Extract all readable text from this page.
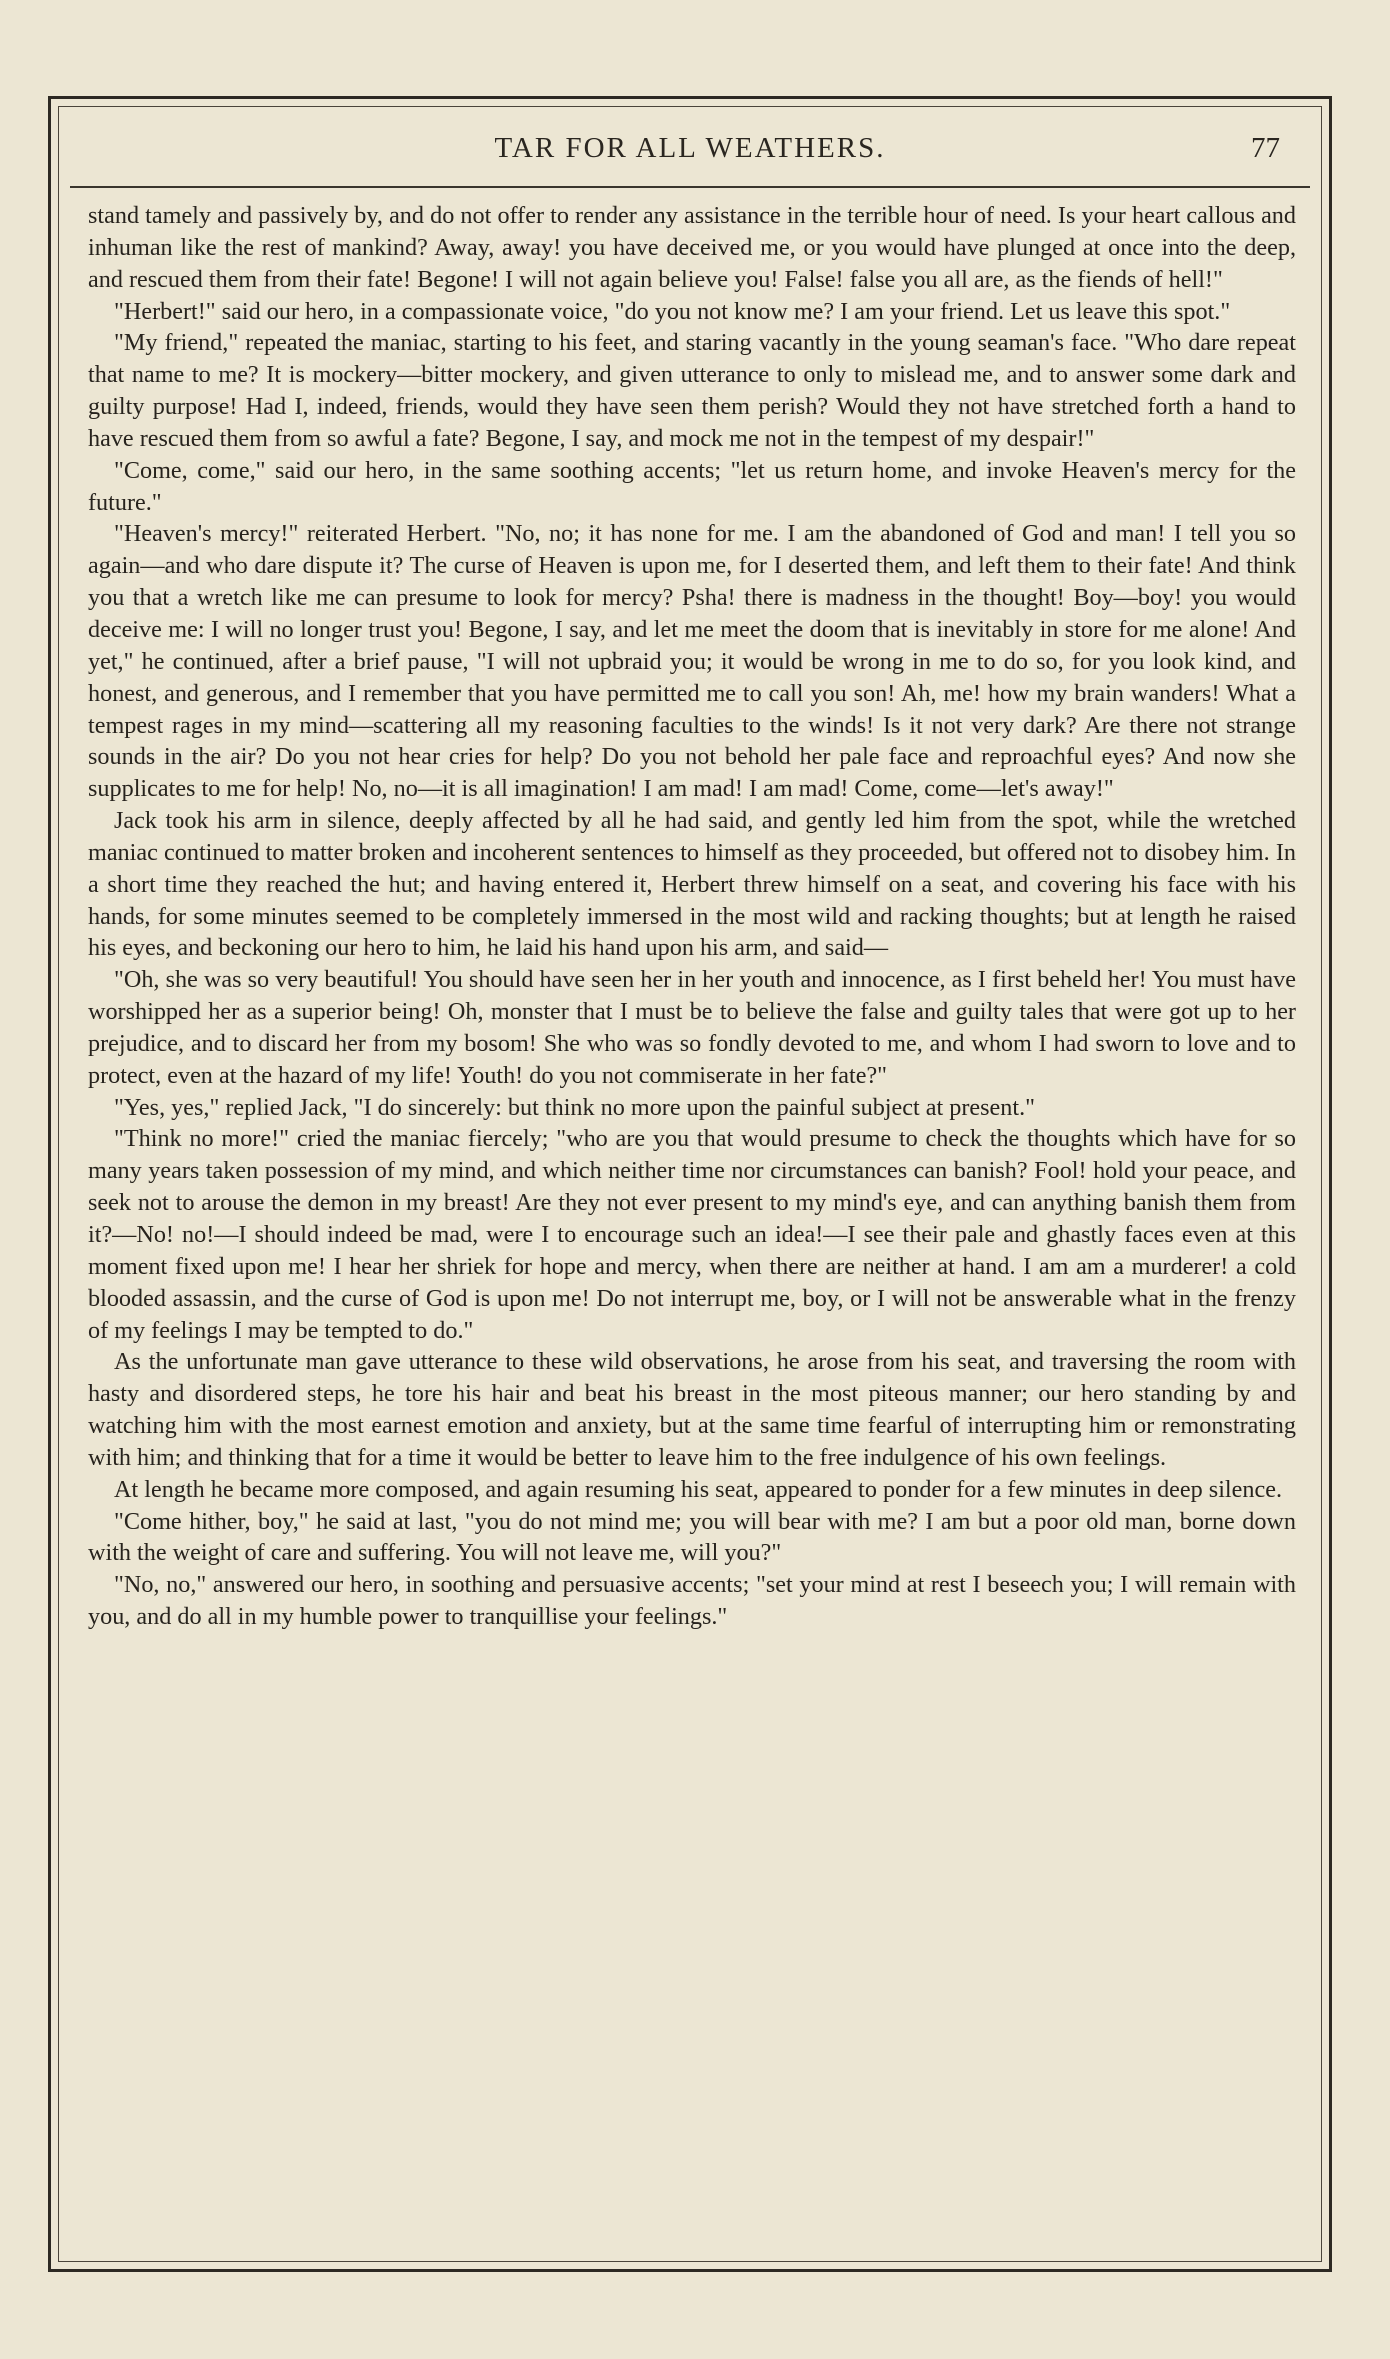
TAR FOR ALL WEATHERS.	77

stand tamely and passively by, and do not offer to render any assistance in the terrible hour of need. Is your heart callous and inhuman like the rest of mankind? Away, away! you have deceived me, or you would have plunged at once into the deep, and rescued them from their fate! Begone! I will not again believe you! False! false you all are, as the fiends of hell!"

"Herbert!" said our hero, in a compassionate voice, "do you not know me? I am your friend. Let us leave this spot."

"My friend," repeated the maniac, starting to his feet, and staring vacantly in the young seaman's face. "Who dare repeat that name to me? It is mockery—bitter mockery, and given utterance to only to mislead me, and to answer some dark and guilty purpose! Had I, indeed, friends, would they have seen them perish? Would they not have stretched forth a hand to have rescued them from so awful a fate? Begone, I say, and mock me not in the tempest of my despair!"

"Come, come," said our hero, in the same soothing accents; "let us return home, and invoke Heaven's mercy for the future."

"Heaven's mercy!" reiterated Herbert. "No, no; it has none for me. I am the abandoned of God and man! I tell you so again—and who dare dispute it? The curse of Heaven is upon me, for I deserted them, and left them to their fate! And think you that a wretch like me can presume to look for mercy? Psha! there is madness in the thought! Boy—boy! you would deceive me: I will no longer trust you! Begone, I say, and let me meet the doom that is inevitably in store for me alone! And yet," he continued, after a brief pause, "I will not upbraid you; it would be wrong in me to do so, for you look kind, and honest, and generous, and I remember that you have permitted me to call you son! Ah, me! how my brain wanders! What a tempest rages in my mind—scattering all my reasoning faculties to the winds! Is it not very dark? Are there not strange sounds in the air? Do you not hear cries for help? Do you not behold her pale face and reproachful eyes? And now she supplicates to me for help! No, no—it is all imagination! I am mad! I am mad! Come, come—let's away!"

Jack took his arm in silence, deeply affected by all he had said, and gently led him from the spot, while the wretched maniac continued to matter broken and incoherent sentences to himself as they proceeded, but offered not to disobey him. In a short time they reached the hut; and having entered it, Herbert threw himself on a seat, and covering his face with his hands, for some minutes seemed to be completely immersed in the most wild and racking thoughts; but at length he raised his eyes, and beckoning our hero to him, he laid his hand upon his arm, and said—

"Oh, she was so very beautiful! You should have seen her in her youth and innocence, as I first beheld her! You must have worshipped her as a superior being! Oh, monster that I must be to believe the false and guilty tales that were got up to her prejudice, and to discard her from my bosom! She who was so fondly devoted to me, and whom I had sworn to love and to protect, even at the hazard of my life! Youth! do you not commiserate in her fate?"

"Yes, yes," replied Jack, "I do sincerely: but think no more upon the painful subject at present."

"Think no more!" cried the maniac fiercely; "who are you that would presume to check the thoughts which have for so many years taken possession of my mind, and which neither time nor circumstances can banish? Fool! hold your peace, and seek not to arouse the demon in my breast! Are they not ever present to my mind's eye, and can anything banish them from it?—No! no!—I should indeed be mad, were I to encourage such an idea!—I see their pale and ghastly faces even at this moment fixed upon me! I hear her shriek for hope and mercy, when there are neither at hand. I am am a murderer! a cold blooded assassin, and the curse of God is upon me! Do not interrupt me, boy, or I will not be answerable what in the frenzy of my feelings I may be tempted to do."

As the unfortunate man gave utterance to these wild observations, he arose from his seat, and traversing the room with hasty and disordered steps, he tore his hair and beat his breast in the most piteous manner; our hero standing by and watching him with the most earnest emotion and anxiety, but at the same time fearful of interrupting him or remonstrating with him; and thinking that for a time it would be better to leave him to the free indulgence of his own feelings.

At length he became more composed, and again resuming his seat, appeared to ponder for a few minutes in deep silence.

"Come hither, boy," he said at last, "you do not mind me; you will bear with me? I am but a poor old man, borne down with the weight of care and suffering. You will not leave me, will you?"

"No, no," answered our hero, in soothing and persuasive accents; "set your mind at rest I beseech you; I will remain with you, and do all in my humble power to tranquillise your feelings."
